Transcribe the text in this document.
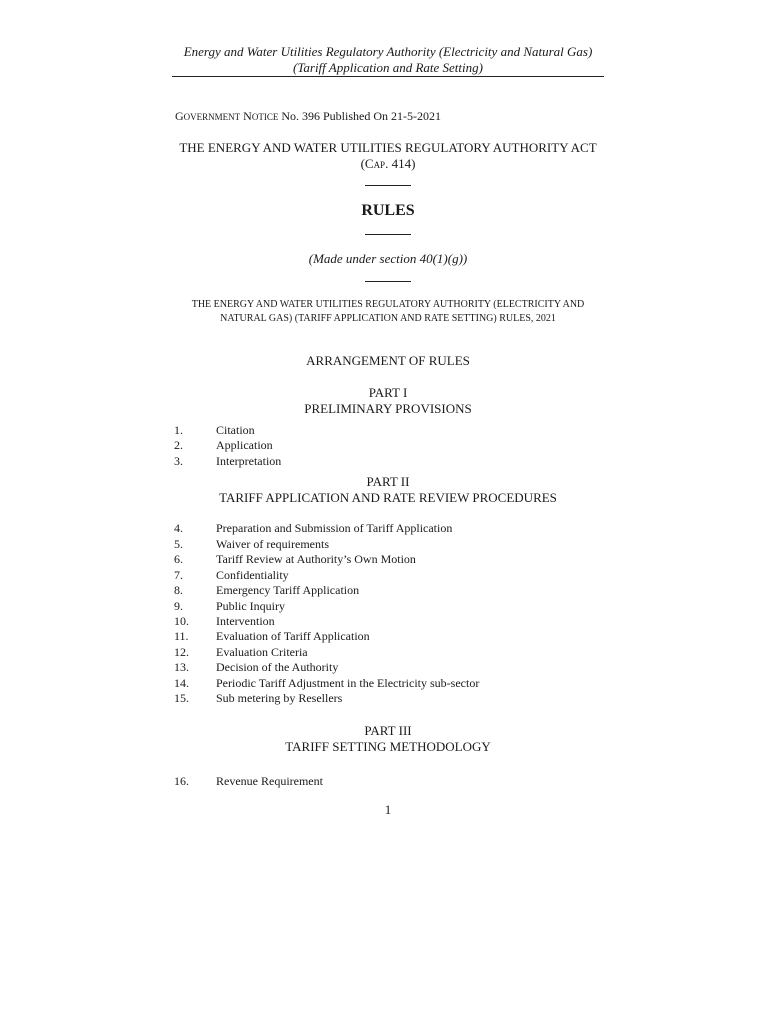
Energy and Water Utilities Regulatory Authority (Electricity and Natural Gas)
(Tariff Application and Rate Setting)
GOVERNMENT NOTICE No. 396 Published On 21-5-2021
THE ENERGY AND WATER UTILITIES REGULATORY AUTHORITY ACT
(CAP. 414)
RULES
(Made under section 40(1)(g))
THE ENERGY AND WATER UTILITIES REGULATORY AUTHORITY (ELECTRICITY AND
NATURAL GAS) (TARIFF APPLICATION AND RATE SETTING) RULES, 2021
ARRANGEMENT OF RULES
PART I
PRELIMINARY PROVISIONS
1.	Citation
2.	Application
3.	Interpretation
PART II
TARIFF APPLICATION AND RATE REVIEW PROCEDURES
4.	Preparation and Submission of Tariff Application
5.	Waiver of requirements
6.	Tariff Review at Authority’s Own Motion
7.	Confidentiality
8.	Emergency Tariff Application
9.	Public Inquiry
10. Intervention
11. Evaluation of Tariff Application
12. Evaluation Criteria
13. Decision of the Authority
14. Periodic Tariff Adjustment in the Electricity sub-sector
15. Sub metering by Resellers
PART III
TARIFF SETTING METHODOLOGY
16. Revenue Requirement
1
